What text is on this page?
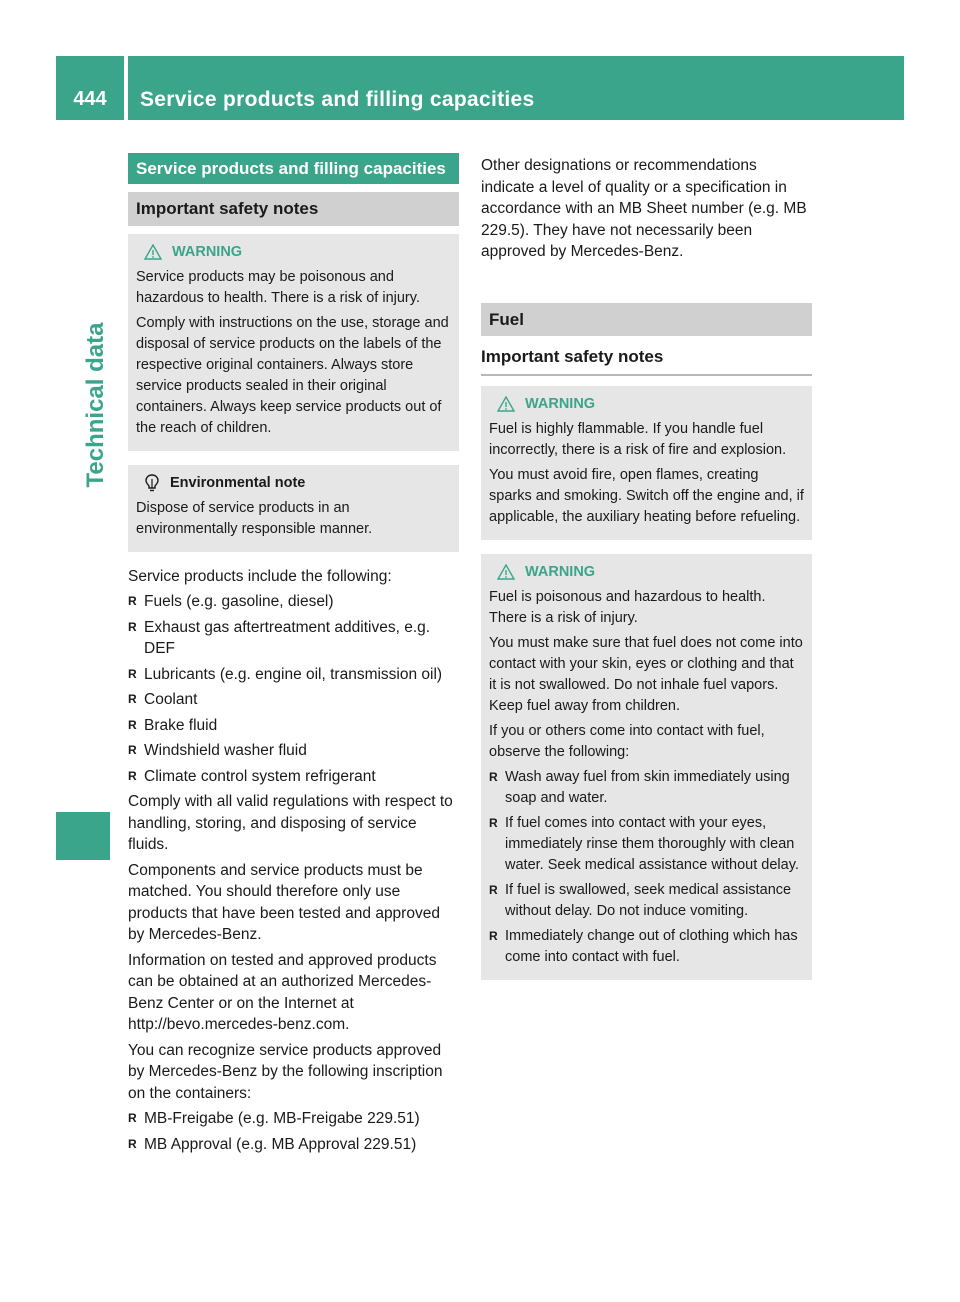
444	Service products and filling capacities
Technical data
Service products and filling capacities
Important safety notes
WARNING

Service products may be poisonous and hazardous to health. There is a risk of injury.

Comply with instructions on the use, storage and disposal of service products on the labels of the respective original containers. Always store service products sealed in their original containers. Always keep service products out of the reach of children.

Environmental note

Dispose of service products in an environmentally responsible manner.

Service products include the following:

R Fuels (e.g. gasoline, diesel)
R Exhaust gas aftertreatment additives, e.g. DEF
R Lubricants (e.g. engine oil, transmission oil)
R Coolant
R Brake fluid
R Windshield washer fluid
R Climate control system refrigerant

Comply with all valid regulations with respect to handling, storing, and disposing of service fluids.

Components and service products must be matched. You should therefore only use products that have been tested and approved by Mercedes-Benz.

Information on tested and approved products can be obtained at an authorized Mercedes-Benz Center or on the Internet at http://bevo.mercedes-benz.com.

You can recognize service products approved by Mercedes-Benz by the following inscription on the containers:

R MB-Freigabe (e.g. MB-Freigabe 229.51)
R MB Approval (e.g. MB Approval 229.51)

Other designations or recommendations indicate a level of quality or a specification in accordance with an MB Sheet number (e.g. MB 229.5). They have not necessarily been approved by Mercedes-Benz.

Fuel
Important safety notes
WARNING

Fuel is highly flammable. If you handle fuel incorrectly, there is a risk of fire and explosion.

You must avoid fire, open flames, creating sparks and smoking. Switch off the engine and, if applicable, the auxiliary heating before refueling.

WARNING

Fuel is poisonous and hazardous to health. There is a risk of injury.

You must make sure that fuel does not come into contact with your skin, eyes or clothing and that it is not swallowed. Do not inhale fuel vapors. Keep fuel away from children.

If you or others come into contact with fuel, observe the following:

R Wash away fuel from skin immediately using soap and water.
R If fuel comes into contact with your eyes, immediately rinse them thoroughly with clean water. Seek medical assistance without delay.
R If fuel is swallowed, seek medical assistance without delay. Do not induce vomiting.
R Immediately change out of clothing which has come into contact with fuel.
